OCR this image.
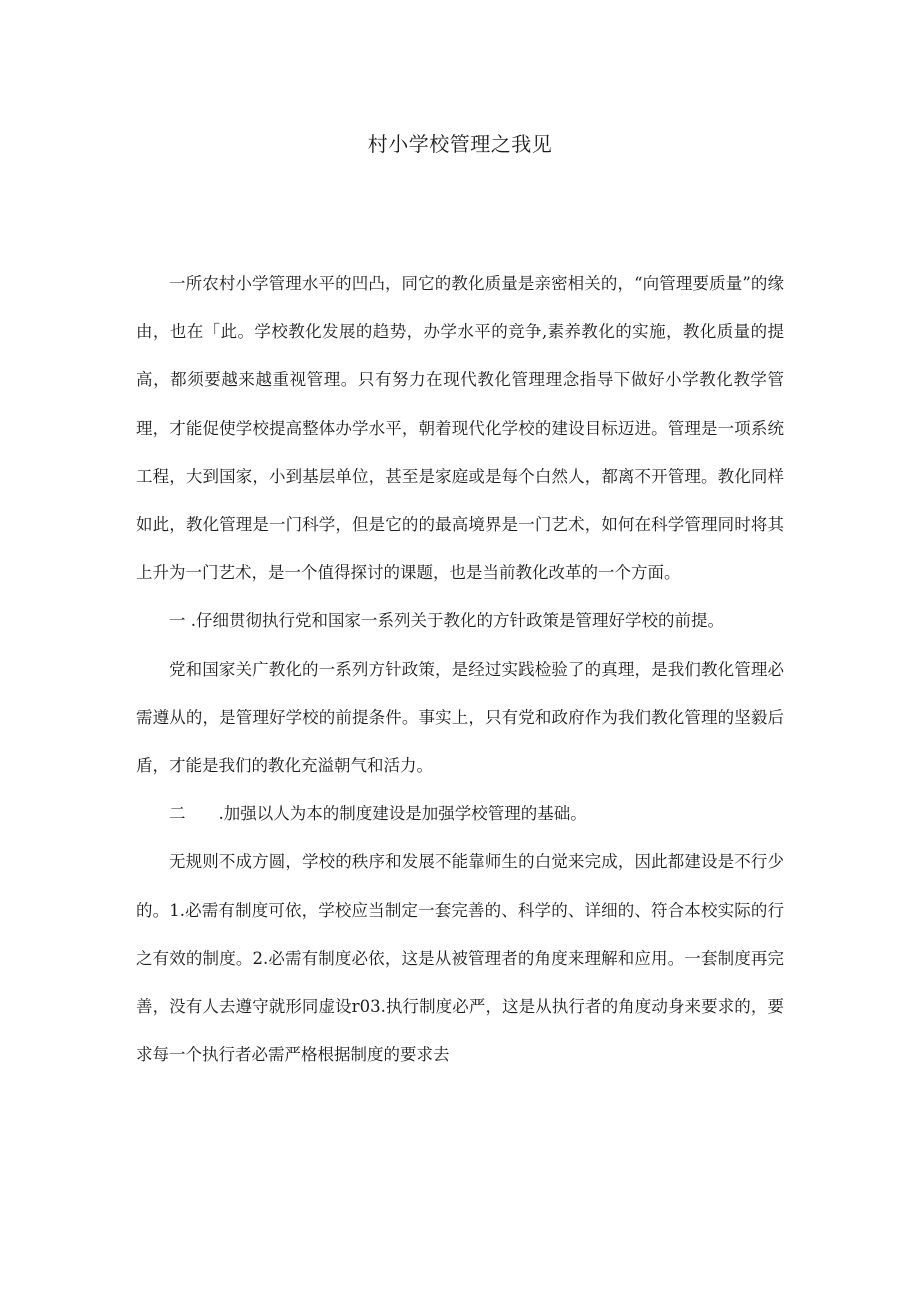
村小学校管理之我见

一所农村小学管理水平的凹凸，同它的教化质量是亲密相关的，“向管理要质量”的缘由，也在「此。学校教化发展的趋势，办学水平的竞争,素养教化的实施，教化质量的提高，都须要越来越重视管理。只有努力在现代教化管理理念指导下做好小学教化教学管理，才能促使学校提高整体办学水平，朝着现代化学校的建设目标迈进。管理是一项系统工程，大到国家，小到基层单位，甚至是家庭或是每个白然人，都离不开管理。教化同样如此，教化管理是一门科学，但是它的的最高境界是一门艺术，如何在科学管理同时将其上升为一门艺术，是一个值得探讨的课题，也是当前教化改革的一个方面。

一 .仔细贯彻执行党和国家一系列关于教化的方针政策是管理好学校的前提。

党和国家关广教化的一系列方针政策，是经过实践检验了的真理，是我们教化管理必需遵从的，是管理好学校的前提条件。事实上，只有党和政府作为我们教化管理的坚毅后盾，才能是我们的教化充溢朝气和活力。

二　　.加强以人为本的制度建设是加强学校管理的基础。

无规则不成方圆，学校的秩序和发展不能靠师生的白觉来完成，因此都建设是不行少的。1.必需有制度可依，学校应当制定一套完善的、科学的、详细的、符合本校实际的行之有效的制度。2.必需有制度必依，这是从被管理者的角度来理解和应用。一套制度再完善，没有人去遵守就形同虚设r03.执行制度必严，这是从执行者的角度动身来要求的，要求每一个执行者必需严格根据制度的要求去
